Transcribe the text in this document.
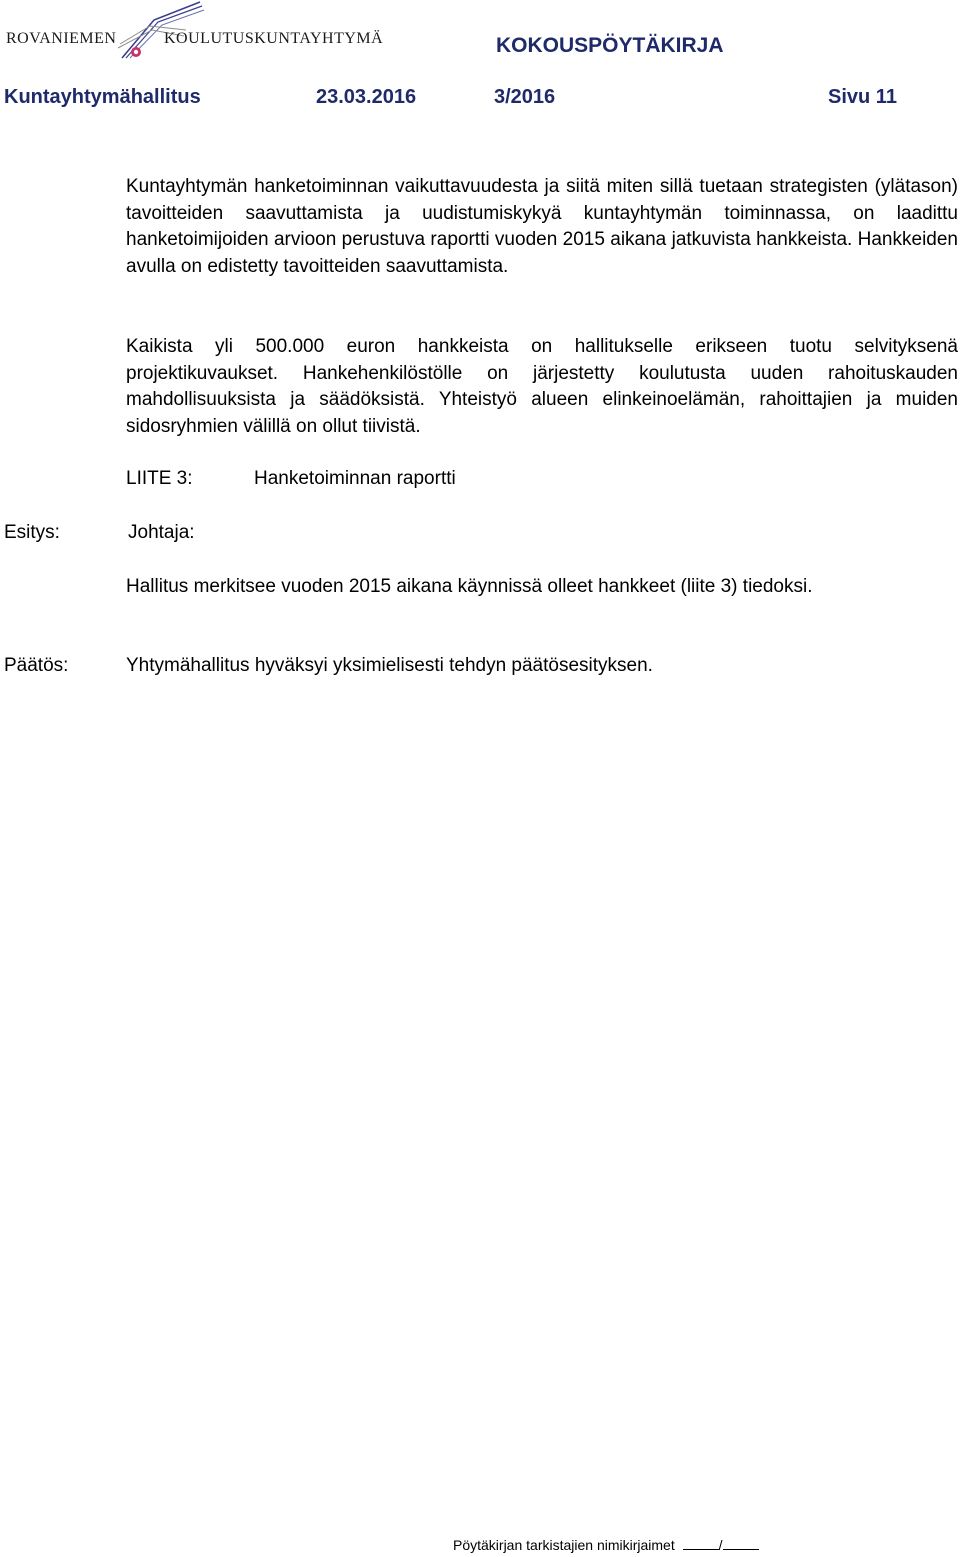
ROVANIEMEN	KOULUTUSKUNTAYHTYMÄ	KOKOUSPÖYTÄKIRJA
Kuntayhtymähallitus	23.03.2016	3/2016	Sivu 11
Kuntayhtymän hanketoiminnan vaikuttavuudesta ja siitä miten sillä tuetaan strategisten (ylätason) tavoitteiden saavuttamista ja uudistumiskykyä kuntayhtymän toiminnassa, on laadittu hanketoimijoiden arvioon perustuva raportti vuoden 2015 aikana jatkuvista hankkeista. Hankkeiden avulla on edistetty tavoitteiden saavuttamista.
Kaikista yli 500.000 euron hankkeista on hallitukselle erikseen tuotu selvityksenä projektikuvaukset. Hankehenkilöstölle on järjestetty koulutusta uuden rahoituskauden mahdollisuuksista ja säädöksistä. Yhteistyö alueen elinkeinoelämän, rahoittajien ja muiden sidosryhmien välillä on ollut tiivistä.
LIITE 3:	Hanketoiminnan raportti
Esitys:	Johtaja:
Hallitus merkitsee vuoden 2015 aikana käynnissä olleet hankkeet (liite 3) tiedoksi.
Päätös:	Yhtymähallitus hyväksyi yksimielisesti tehdyn päätösesityksen.
Pöytäkirjan tarkistajien nimikirjaimet	/
